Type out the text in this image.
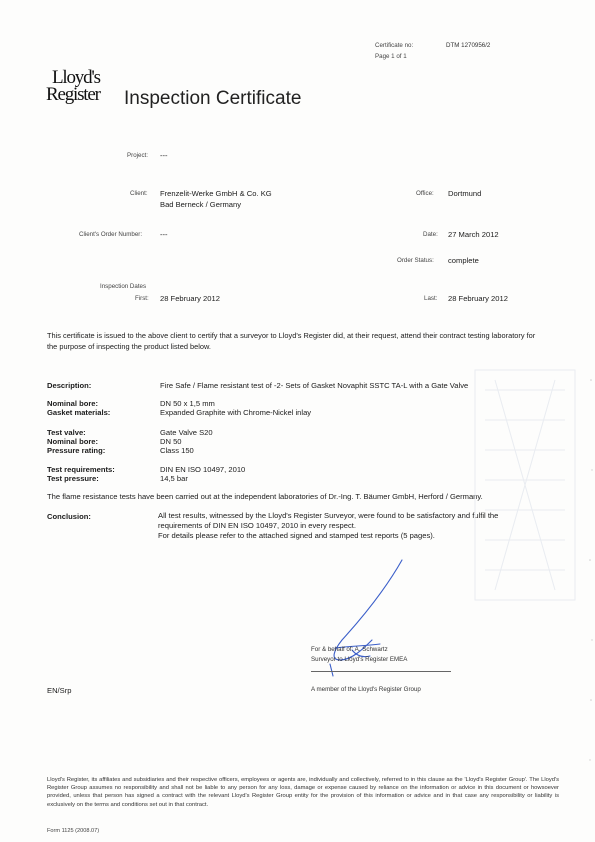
Certificate no:	DTM 1270956/2
Page 1 of 1
Lloyd's
Register Inspection Certificate
Project: ---
Client: Frenzelit-Werke GmbH & Co. KG
Bad Berneck / Germany
Office: Dortmund
Client's Order Number: ---	Date: 27 March 2012
Order Status: complete
Inspection Dates
First: 28 February 2012	Last: 28 February 2012
This certificate is issued to the above client to certify that a surveyor to Lloyd's Register did, at their request, attend their contract testing laboratory for the purpose of inspecting the product listed below.
Description:	Fire Safe / Flame resistant test of -2- Sets of Gasket Novaphit SSTC TA-L with a Gate Valve
Nominal bore:	DN 50 x 1,5 mm
Gasket materials:	Expanded Graphite with Chrome-Nickel inlay
Test valve:	Gate Valve S20
Nominal bore:	DN 50
Pressure rating:	Class 150
Test requirements:	DIN EN ISO 10497, 2010
Test pressure:	14,5 bar
The flame resistance tests have been carried out at the independent laboratories of Dr.-Ing. T. Bäumer GmbH, Herford / Germany.
Conclusion:	All test results, witnessed by the Lloyd's Register Surveyor, were found to be satisfactory and fulfil the
requirements of DIN EN ISO 10497, 2010 in every respect.
For details please refer to the attached signed and stamped test reports (5 pages).
For & behalf of: A. Schwartz
Surveyor to Lloyd's Register EMEA
A member of the Lloyd's Register Group
EN/Srp
Lloyd's Register, its affiliates and subsidiaries and their respective officers, employees or agents are, individually and collectively, referred to in this clause as the 'Lloyd's Register Group'. The Lloyd's Register Group assumes no responsibility and shall not be liable to any person for any loss, damage or expense caused by reliance on the information or advice in this document or howsoever provided, unless that person has signed a contract with the relevant Lloyd's Register Group entity for the provision of this information or advice and in that case any responsibility or liability is exclusively on the terms and conditions set out in that contract.
Form 1125 (2008.07)
